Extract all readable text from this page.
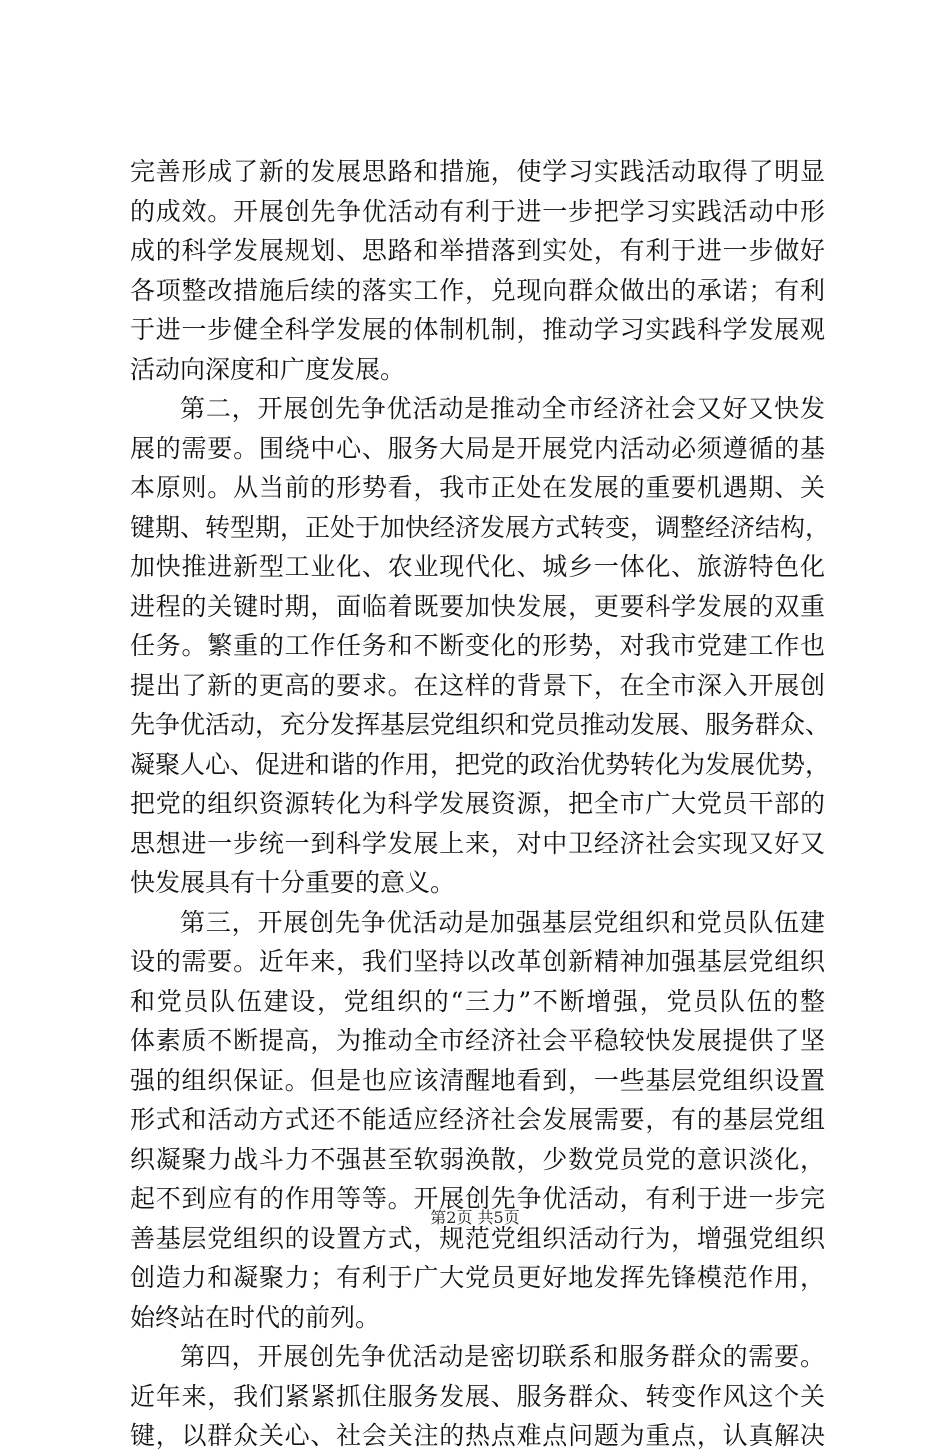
完善形成了新的发展思路和措施，使学习实践活动取得了明显
的成效。开展创先争优活动有利于进一步把学习实践活动中形
成的科学发展规划、思路和举措落到实处，有利于进一步做好
各项整改措施后续的落实工作，兑现向群众做出的承诺；有利
于进一步健全科学发展的体制机制，推动学习实践科学发展观
活动向深度和广度发展。
第二，开展创先争优活动是推动全市经济社会又好又快发
展的需要。围绕中心、服务大局是开展党内活动必须遵循的基
本原则。从当前的形势看，我市正处在发展的重要机遇期、关
键期、转型期，正处于加快经济发展方式转变，调整经济结构，
加快推进新型工业化、农业现代化、城乡一体化、旅游特色化
进程的关键时期，面临着既要加快发展，更要科学发展的双重
任务。繁重的工作任务和不断变化的形势，对我市党建工作也
提出了新的更高的要求。在这样的背景下，在全市深入开展创
先争优活动，充分发挥基层党组织和党员推动发展、服务群众、
凝聚人心、促进和谐的作用，把党的政治优势转化为发展优势，
把党的组织资源转化为科学发展资源，把全市广大党员干部的
思想进一步统一到科学发展上来，对中卫经济社会实现又好又
快发展具有十分重要的意义。
第三，开展创先争优活动是加强基层党组织和党员队伍建
设的需要。近年来，我们坚持以改革创新精神加强基层党组织
和党员队伍建设，党组织的“三力”不断增强，党员队伍的整
体素质不断提高，为推动全市经济社会平稳较快发展提供了坚
强的组织保证。但是也应该清醒地看到，一些基层党组织设置
形式和活动方式还不能适应经济社会发展需要，有的基层党组
织凝聚力战斗力不强甚至软弱涣散，少数党员党的意识淡化，
起不到应有的作用等等。开展创先争优活动，有利于进一步完
善基层党组织的设置方式，规范党组织活动行为，增强党组织
创造力和凝聚力；有利于广大党员更好地发挥先锋模范作用，
始终站在时代的前列。
第四，开展创先争优活动是密切联系和服务群众的需要。
近年来，我们紧紧抓住服务发展、服务群众、转变作风这个关
键，以群众关心、社会关注的热点难点问题为重点，认真解决
第2页 共5页
